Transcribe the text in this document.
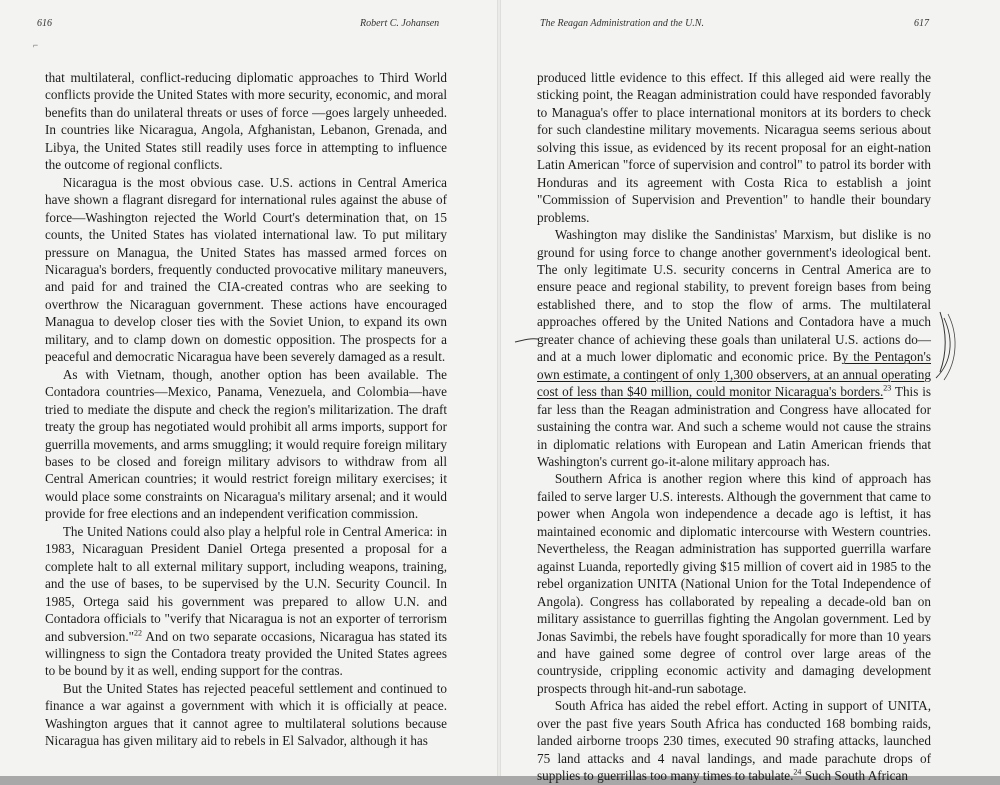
⌐
616	Robert C. Johansen	The Reagan Administration and the U.N.	617

that multilateral, conflict-reducing diplomatic approaches to Third World conflicts provide the United States with more security, economic, and moral benefits than do unilateral threats or uses of force —goes largely unheeded. In countries like Nicaragua, Angola, Afghanistan, Lebanon, Grenada, and Libya, the United States still readily uses force in attempting to influence the outcome of regional conflicts.

Nicaragua is the most obvious case. U.S. actions in Central America have shown a flagrant disregard for international rules against the abuse of force—Washington rejected the World Court's determination that, on 15 counts, the United States has violated international law. To put military pressure on Managua, the United States has massed armed forces on Nicaragua's borders, frequently conducted provocative military maneuvers, and paid for and trained the CIA-created contras who are seeking to overthrow the Nicaraguan government. These actions have encouraged Managua to develop closer ties with the Soviet Union, to expand its own military, and to clamp down on domestic opposition. The prospects for a peaceful and democratic Nicaragua have been severely damaged as a result.

As with Vietnam, though, another option has been available. The Contadora countries—Mexico, Panama, Venezuela, and Colombia—have tried to mediate the dispute and check the region's militarization. The draft treaty the group has negotiated would prohibit all arms imports, support for guerrilla movements, and arms smuggling; it would require foreign military bases to be closed and foreign military advisors to withdraw from all Central American countries; it would restrict foreign military exercises; it would place some constraints on Nicaragua's military arsenal; and it would provide for free elections and an independent verification commission.

The United Nations could also play a helpful role in Central America: in 1983, Nicaraguan President Daniel Ortega presented a proposal for a complete halt to all external military support, including weapons, training, and the use of bases, to be supervised by the U.N. Security Council. In 1985, Ortega said his government was prepared to allow U.N. and Contadora officials to "verify that Nicaragua is not an exporter of terrorism and subversion."$^{22}$ And on two separate occasions, Nicaragua has stated its willingness to sign the Contadora treaty provided the United States agrees to be bound by it as well, ending support for the contras.

But the United States has rejected peaceful settlement and continued to finance a war against a government with which it is officially at peace. Washington argues that it cannot agree to multilateral solutions because Nicaragua has given military aid to rebels in El Salvador, although it has

produced little evidence to this effect. If this alleged aid were really the sticking point, the Reagan administration could have responded favorably to Managua's offer to place international monitors at its borders to check for such clandestine military movements. Nicaragua seems serious about solving this issue, as evidenced by its recent proposal for an eight-nation Latin American "force of supervision and control" to patrol its border with Honduras and its agreement with Costa Rica to establish a joint "Commission of Supervision and Prevention" to handle their boundary problems.

Washington may dislike the Sandinistas' Marxism, but dislike is no ground for using force to change another government's ideological bent. The only legitimate U.S. security concerns in Central America are to ensure peace and regional stability, to prevent foreign bases from being established there, and to stop the flow of arms. The multilateral approaches offered by the United Nations and Contadora have a much greater chance of achieving these goals than unilateral U.S. actions do—and at a much lower diplomatic and economic price. By the Pentagon's own estimate, a contingent of only 1,300 observers, at an annual operating cost of less than $40 million, could monitor Nicaragua's borders.$^{23}$ This is far less than the Reagan administration and Congress have allocated for sustaining the contra war. And such a scheme would not cause the strains in diplomatic relations with European and Latin American friends that Washington's current go-it-alone military approach has.

Southern Africa is another region where this kind of approach has failed to serve larger U.S. interests. Although the government that came to power when Angola won independence a decade ago is leftist, it has maintained economic and diplomatic intercourse with Western countries. Nevertheless, the Reagan administration has supported guerrilla warfare against Luanda, reportedly giving $15 million of covert aid in 1985 to the rebel organization UNITA (National Union for the Total Independence of Angola). Congress has collaborated by repealing a decade-old ban on military assistance to guerrillas fighting the Angolan government. Led by Jonas Savimbi, the rebels have fought sporadically for more than 10 years and have gained some degree of control over large areas of the countryside, crippling economic activity and damaging development prospects through hit-and-run sabotage.

South Africa has aided the rebel effort. Acting in support of UNITA, over the past five years South Africa has conducted 168 bombing raids, landed airborne troops 230 times, executed 90 strafing attacks, launched 75 land attacks and 4 naval landings, and made parachute drops of supplies to guerrillas too many times to tabulate.$^{24}$ Such South African
